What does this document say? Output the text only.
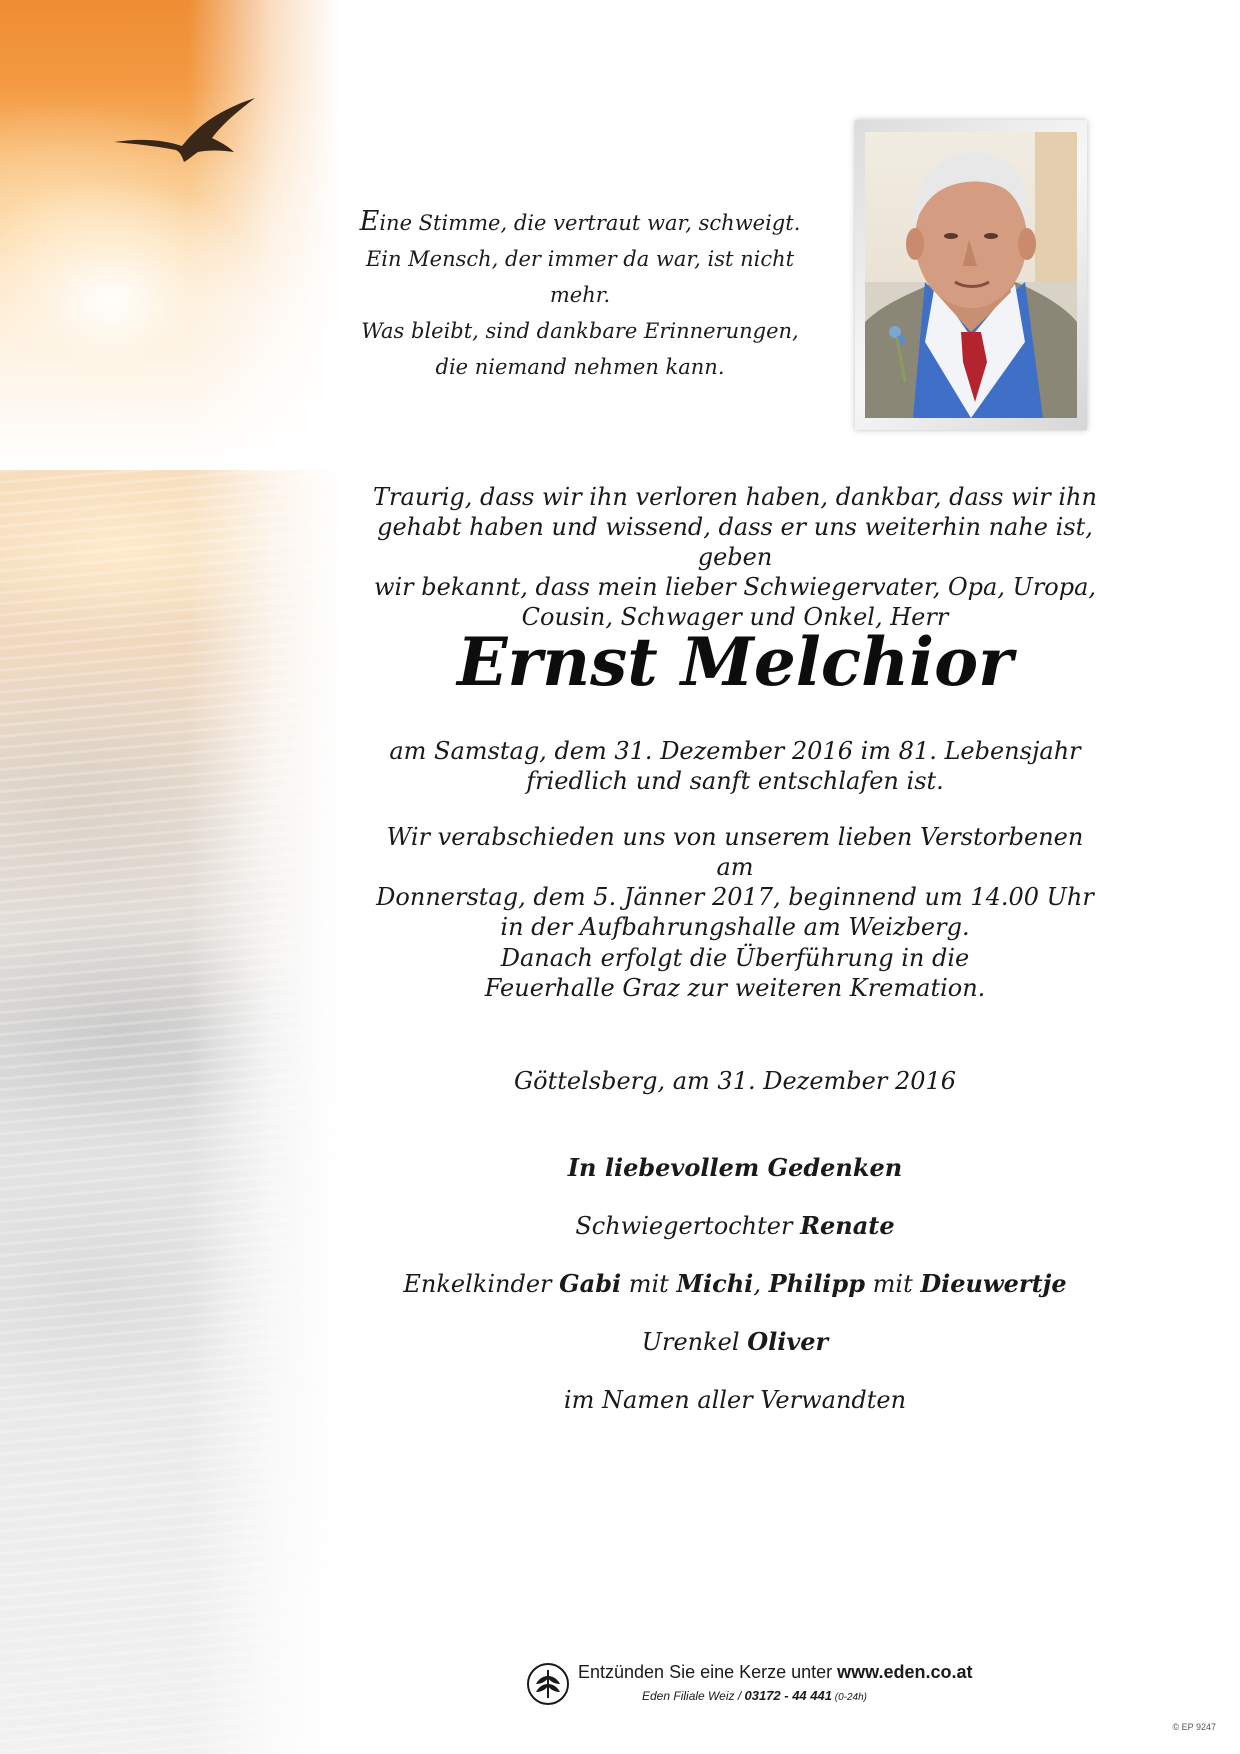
Eine Stimme, die vertraut war, schweigt.
Ein Mensch, der immer da war, ist nicht mehr.
Was bleibt, sind dankbare Erinnerungen,
die niemand nehmen kann.
Traurig, dass wir ihn verloren haben, dankbar, dass wir ihn
gehabt haben und wissend, dass er uns weiterhin nahe ist, geben
wir bekannt, dass mein lieber Schwiegervater, Opa, Uropa,
Cousin, Schwager und Onkel, Herr
Ernst Melchior
am Samstag, dem 31. Dezember 2016 im 81. Lebensjahr
friedlich und sanft entschlafen ist.
Wir verabschieden uns von unserem lieben Verstorbenen am
Donnerstag, dem 5. Jänner 2017, beginnend um 14.00 Uhr
in der Aufbahrungshalle am Weizberg.
Danach erfolgt die Überführung in die
Feuerhalle Graz zur weiteren Kremation.
Göttelsberg, am 31. Dezember 2016
In liebevollem Gedenken
Schwiegertochter Renate
Enkelkinder Gabi mit Michi, Philipp mit Dieuwertje
Urenkel Oliver
im Namen aller Verwandten
Entzünden Sie eine Kerze unter www.eden.co.at
Eden Filiale Weiz / 03172 - 44 441 (0-24h)
© EP 9247
